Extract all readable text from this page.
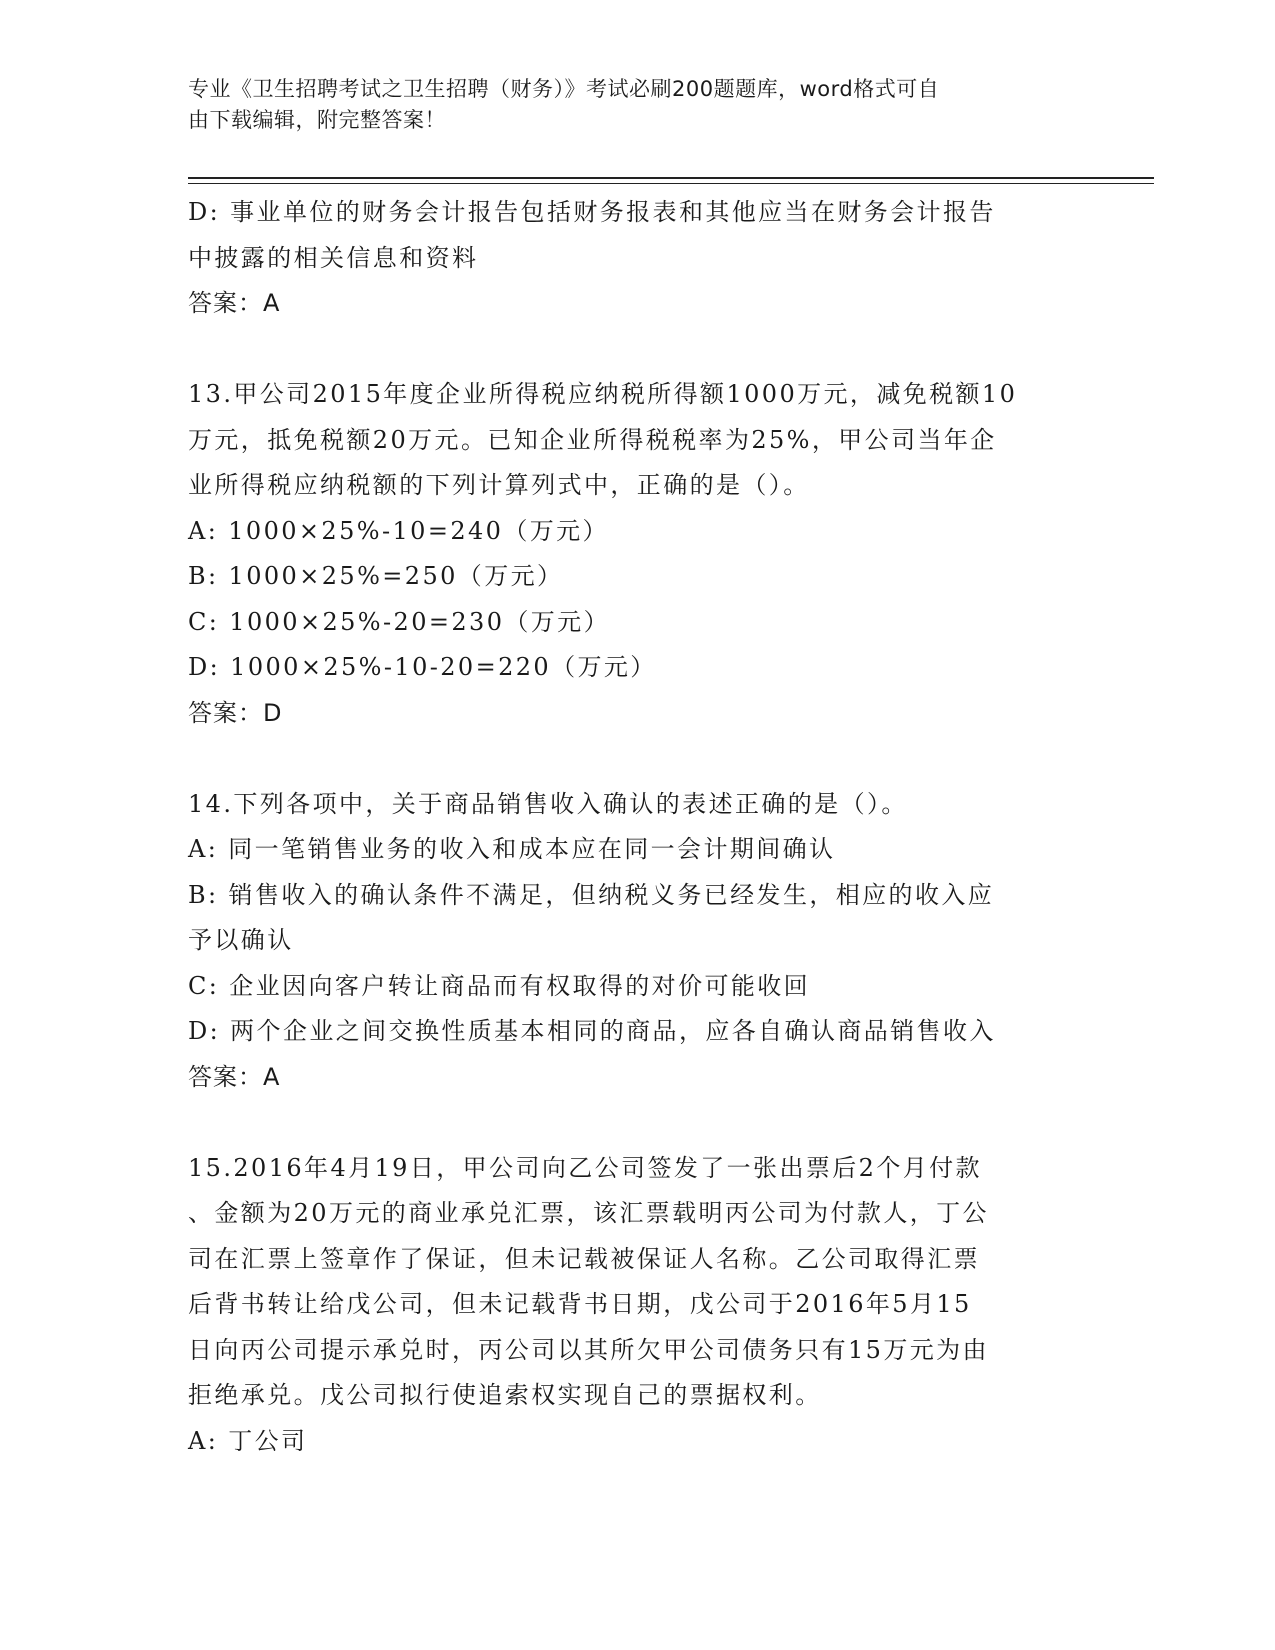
专业《卫生招聘考试之卫生招聘（财务）》考试必刷200题题库，word格式可自
由下载编辑，附完整答案！
D: 事业单位的财务会计报告包括财务报表和其他应当在财务会计报告
中披露的相关信息和资料
答案：A
13.甲公司2015年度企业所得税应纳税所得额1000万元，减免税额10
万元，抵免税额20万元。已知企业所得税税率为25%，甲公司当年企
业所得税应纳税额的下列计算列式中，正确的是（）。
A: 1000×25%-10=240（万元）
B: 1000×25%=250（万元）
C: 1000×25%-20=230（万元）
D: 1000×25%-10-20=220（万元）
答案：D
14.下列各项中，关于商品销售收入确认的表述正确的是（）。
A: 同一笔销售业务的收入和成本应在同一会计期间确认
B: 销售收入的确认条件不满足，但纳税义务已经发生，相应的收入应
予以确认
C: 企业因向客户转让商品而有权取得的对价可能收回
D: 两个企业之间交换性质基本相同的商品，应各自确认商品销售收入
答案：A
15.2016年4月19日，甲公司向乙公司签发了一张出票后2个月付款
、金额为20万元的商业承兑汇票，该汇票载明丙公司为付款人，丁公
司在汇票上签章作了保证，但未记载被保证人名称。乙公司取得汇票
后背书转让给戊公司，但未记载背书日期，戊公司于2016年5月15
日向丙公司提示承兑时，丙公司以其所欠甲公司债务只有15万元为由
拒绝承兑。戊公司拟行使追索权实现自己的票据权利。
A: 丁公司
